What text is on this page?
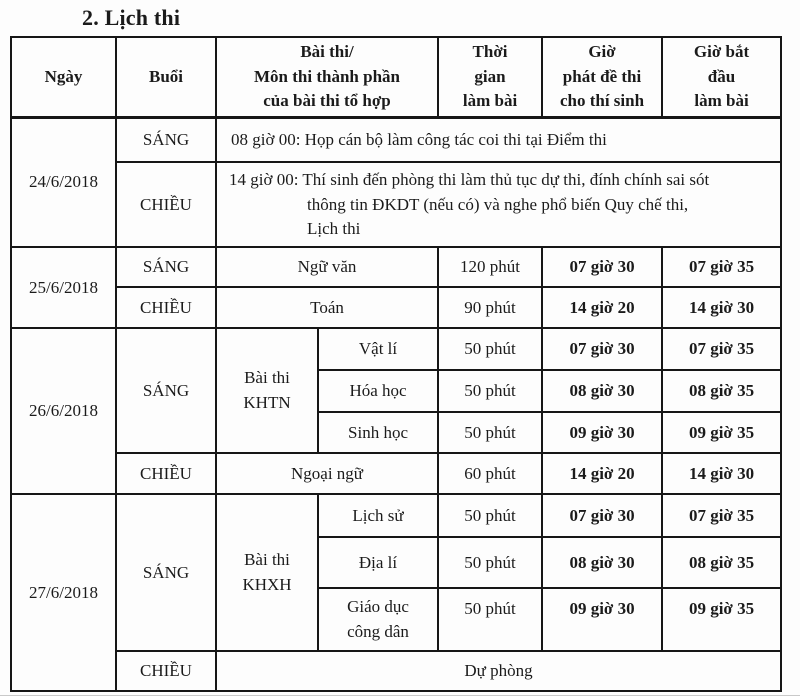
2. Lịch thi
Ngày	Buổi	Bài thi/
Môn thi thành phần
của bài thi tổ hợp		Thời
gian
làm bài	Giờ
phát đề thi
cho thí sinh	Giờ bắt
đầu
làm bài
24/6/2018	SÁNG	08 giờ 00: Họp cán bộ làm công tác coi thi tại Điểm thi				
	CHIỀU	14 giờ 00: Thí sinh đến phòng thi làm thủ tục dự thi, đính chính sai sót
thông tin ĐKDT (nếu có) và nghe phổ biến Quy chế thi,
Lịch thi				
25/6/2018	SÁNG	Ngữ văn		120 phút	07 giờ 30	07 giờ 35
	CHIỀU	Toán		90 phút	14 giờ 20	14 giờ 30
26/6/2018	SÁNG	Bài thi
KHTN	Vật lí	50 phút	07 giờ 30	07 giờ 35
			Hóa học	50 phút	08 giờ 30	08 giờ 35
			Sinh học	50 phút	09 giờ 30	09 giờ 35
	CHIỀU	Ngoại ngữ		60 phút	14 giờ 20	14 giờ 30
27/6/2018	SÁNG	Bài thi
KHXH	Lịch sử	50 phút	07 giờ 30	07 giờ 35
			Địa lí	50 phút	08 giờ 30	08 giờ 35
			Giáo dục
công dân	50 phút	09 giờ 30	09 giờ 35
	CHIỀU	Dự phòng				
